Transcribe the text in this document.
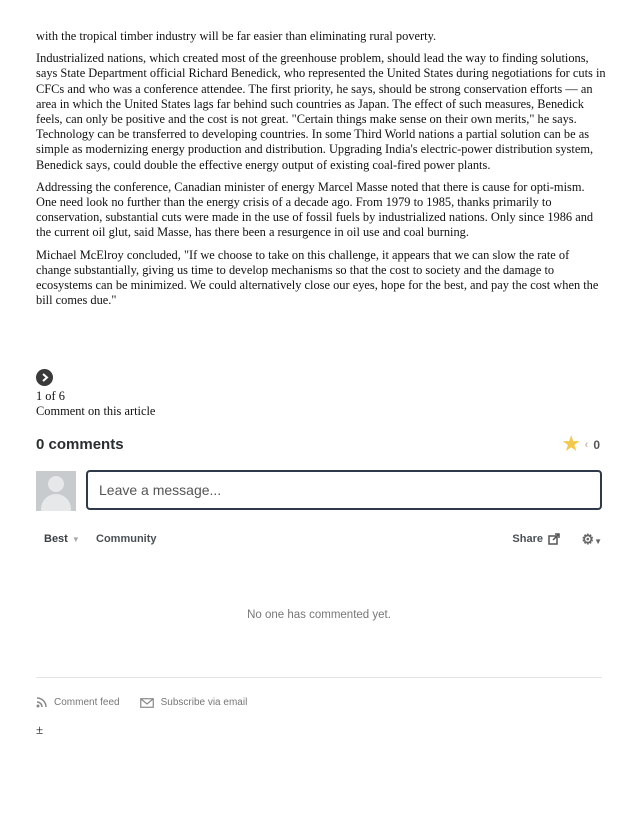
with the tropical timber industry will be far easier than eliminating rural poverty.

Industrialized nations, which created most of the greenhouse problem, should lead the way to finding solutions, says State Department official Richard Benedick, who represented the United States during negotiations for cuts in CFCs and who was a conference attendee. The first priority, he says, should be strong conservation efforts — an area in which the United States lags far behind such countries as Japan. The effect of such measures, Benedick feels, can only be positive and the cost is not great. "Certain things make sense on their own merits," he says. Technology can be transferred to developing countries. In some Third World nations a partial solution can be as simple as modernizing energy production and distribution. Upgrading India's electric-power distribution system, Benedick says, could double the effective energy output of existing coal-fired power plants.

Addressing the conference, Canadian minister of energy Marcel Masse noted that there is cause for opti-mism. One need look no further than the energy crisis of a decade ago. From 1979 to 1985, thanks primarily to conservation, substantial cuts were made in the use of fossil fuels by industrialized nations. Only since 1986 and the current oil glut, said Masse, has there been a resurgence in oil use and coal burning.

Michael McElroy concluded, "If we choose to take on this challenge, it appears that we can slow the rate of change substantially, giving us time to develop mechanisms so that the cost to society and the damage to ecosystems can be minimized. We could alternatively close our eyes, hope for the best, and pay the cost when the bill comes due."

1 of 6
Comment on this article
0 comments	★ ‹ 0
Leave a message...
Best ▼ Community	Share	⚙▼
No one has commented yet.
Comment feed	Subscribe via email
±
